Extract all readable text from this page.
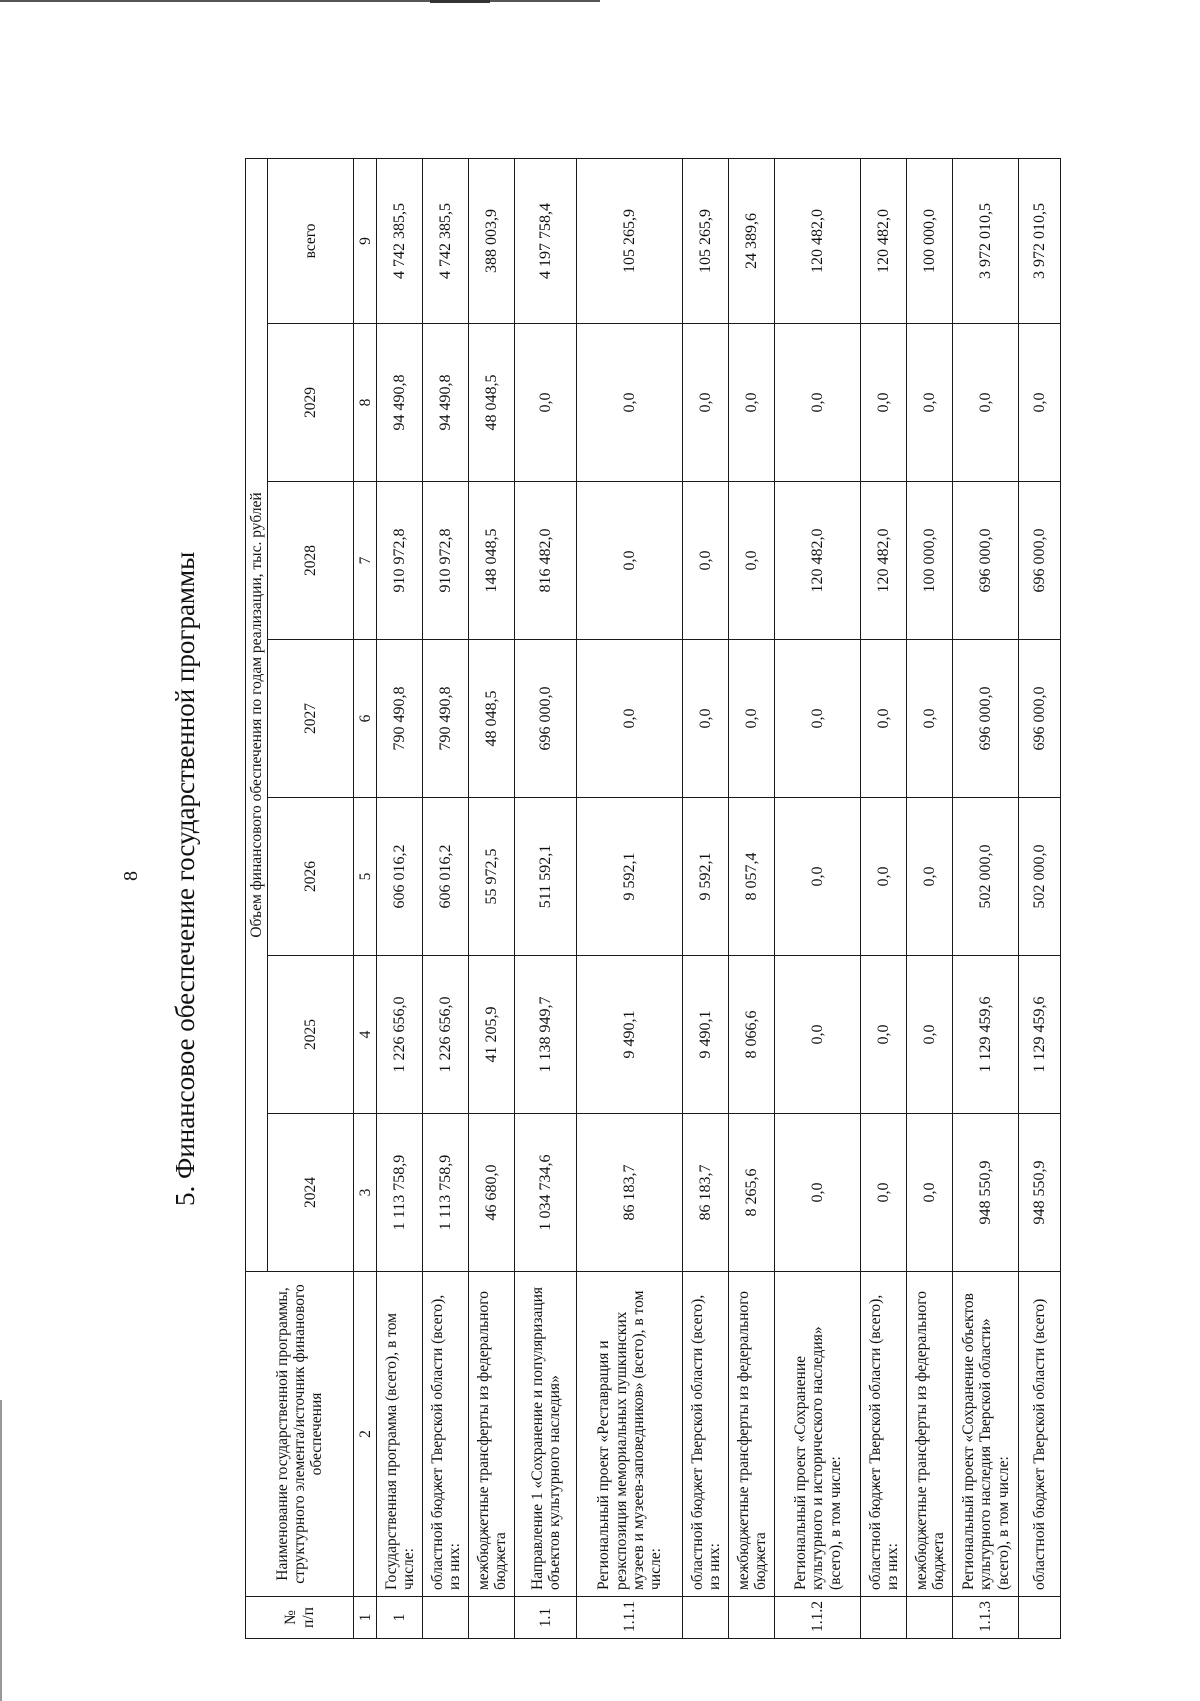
8 5. Финансовое обеспечение государственной программы
№ п/п	Наименование государственной программы, структурного элемента/источник финанового обеспечения	Объем финансового обеспечения по годам реализации, тыс. рублей						
		2024	2025	2026	2027	2028	2029	всего
1	2	3	4	5	6	7	8	9
1	Государственная программа (всего), в том числе:	1 113 758,9	1 226 656,0	606 016,2	790 490,8	910 972,8	94 490,8	4 742 385,5
	областной бюджет Тверской области (всего), из них:	1 113 758,9	1 226 656,0	606 016,2	790 490,8	910 972,8	94 490,8	4 742 385,5
	межбюджетные трансферты из федерального бюджета	46 680,0	41 205,9	55 972,5	48 048,5	148 048,5	48 048,5	388 003,9
1.1	Направление 1 «Сохранение и популяризация объектов культурного наследия»	1 034 734,6	1 138 949,7	511 592,1	696 000,0	816 482,0	0,0	4 197 758,4
1.1.1	Региональный проект «Реставрация и реэкспозиция мемориальных пушкинских музеев и музеев-заповедников» (всего), в том числе:	86 183,7	9 490,1	9 592,1	0,0	0,0	0,0	105 265,9
	областной бюджет Тверской области (всего), из них:	86 183,7	9 490,1	9 592,1	0,0	0,0	0,0	105 265,9
	межбюджетные трансферты из федерального бюджета	8 265,6	8 066,6	8 057,4	0,0	0,0	0,0	24 389,6
1.1.2	Региональный проект «Сохранение культурного и исторического наследия» (всего), в том числе:	0,0	0,0	0,0	0,0	120 482,0	0,0	120 482,0
	областной бюджет Тверской области (всего), из них:	0,0	0,0	0,0	0,0	120 482,0	0,0	120 482,0
	межбюджетные трансферты из федерального бюджета	0,0	0,0	0,0	0,0	100 000,0	0,0	100 000,0
1.1.3	Региональный проект «Сохранение объектов культурного наследия Тверской области» (всего), в том числе:	948 550,9	1 129 459,6	502 000,0	696 000,0	696 000,0	0,0	3 972 010,5
	областной бюджет Тверской области (всего)	948 550,9	1 129 459,6	502 000,0	696 000,0	696 000,0	0,0	3 972 010,5
